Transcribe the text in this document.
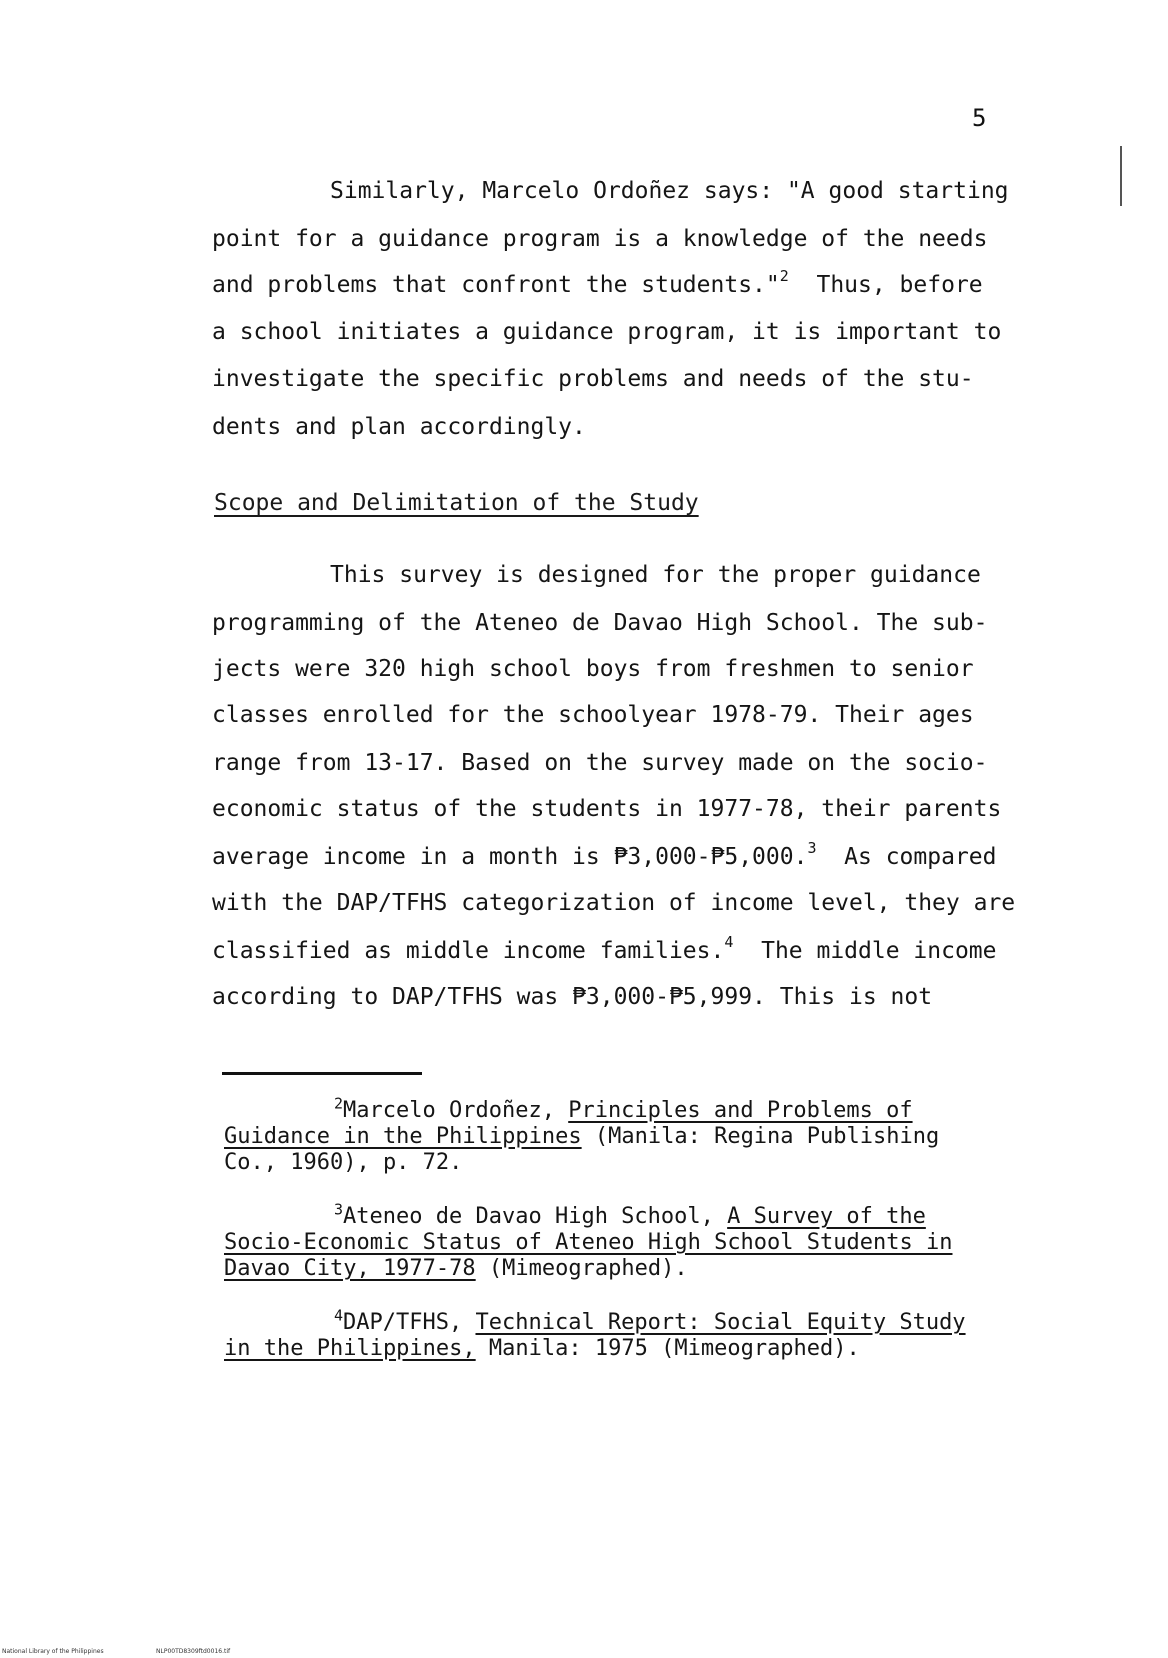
5
Similarly, Marcelo Ordoñez says: "A good starting
point for a guidance program is a knowledge of the needs
and problems that confront the students."$^2$ Thus, before
a school initiates a guidance program, it is important to
investigate the specific problems and needs of the stu-
dents and plan accordingly.
Scope and Delimitation of the Study
This survey is designed for the proper guidance
programming of the Ateneo de Davao High School. The sub-
jects were 320 high school boys from freshmen to senior
classes enrolled for the schoolyear 1978-79. Their ages
range from 13-17. Based on the survey made on the socio-
economic status of the students in 1977-78, their parents
average income in a month is ₱3,000-₱5,000.$^3$ As compared
with the DAP/TFHS categorization of income level, they are
classified as middle income families.$^4$ The middle income
according to DAP/TFHS was ₱3,000-₱5,999. This is not
$^2$Marcelo Ordoñez, Principles and Problems of
Guidance in the Philippines (Manila: Regina Publishing
Co., 1960), p. 72.
$^3$Ateneo de Davao High School, A Survey of the
Socio-Economic Status of Ateneo High School Students in
Davao City, 1977-78 (Mimeographed).
$^4$DAP/TFHS, Technical Report: Social Equity Study
in the Philippines, Manila: 1975 (Mimeographed).
National Library of the Philippines	NLP00TD8309ftd0016.tif
